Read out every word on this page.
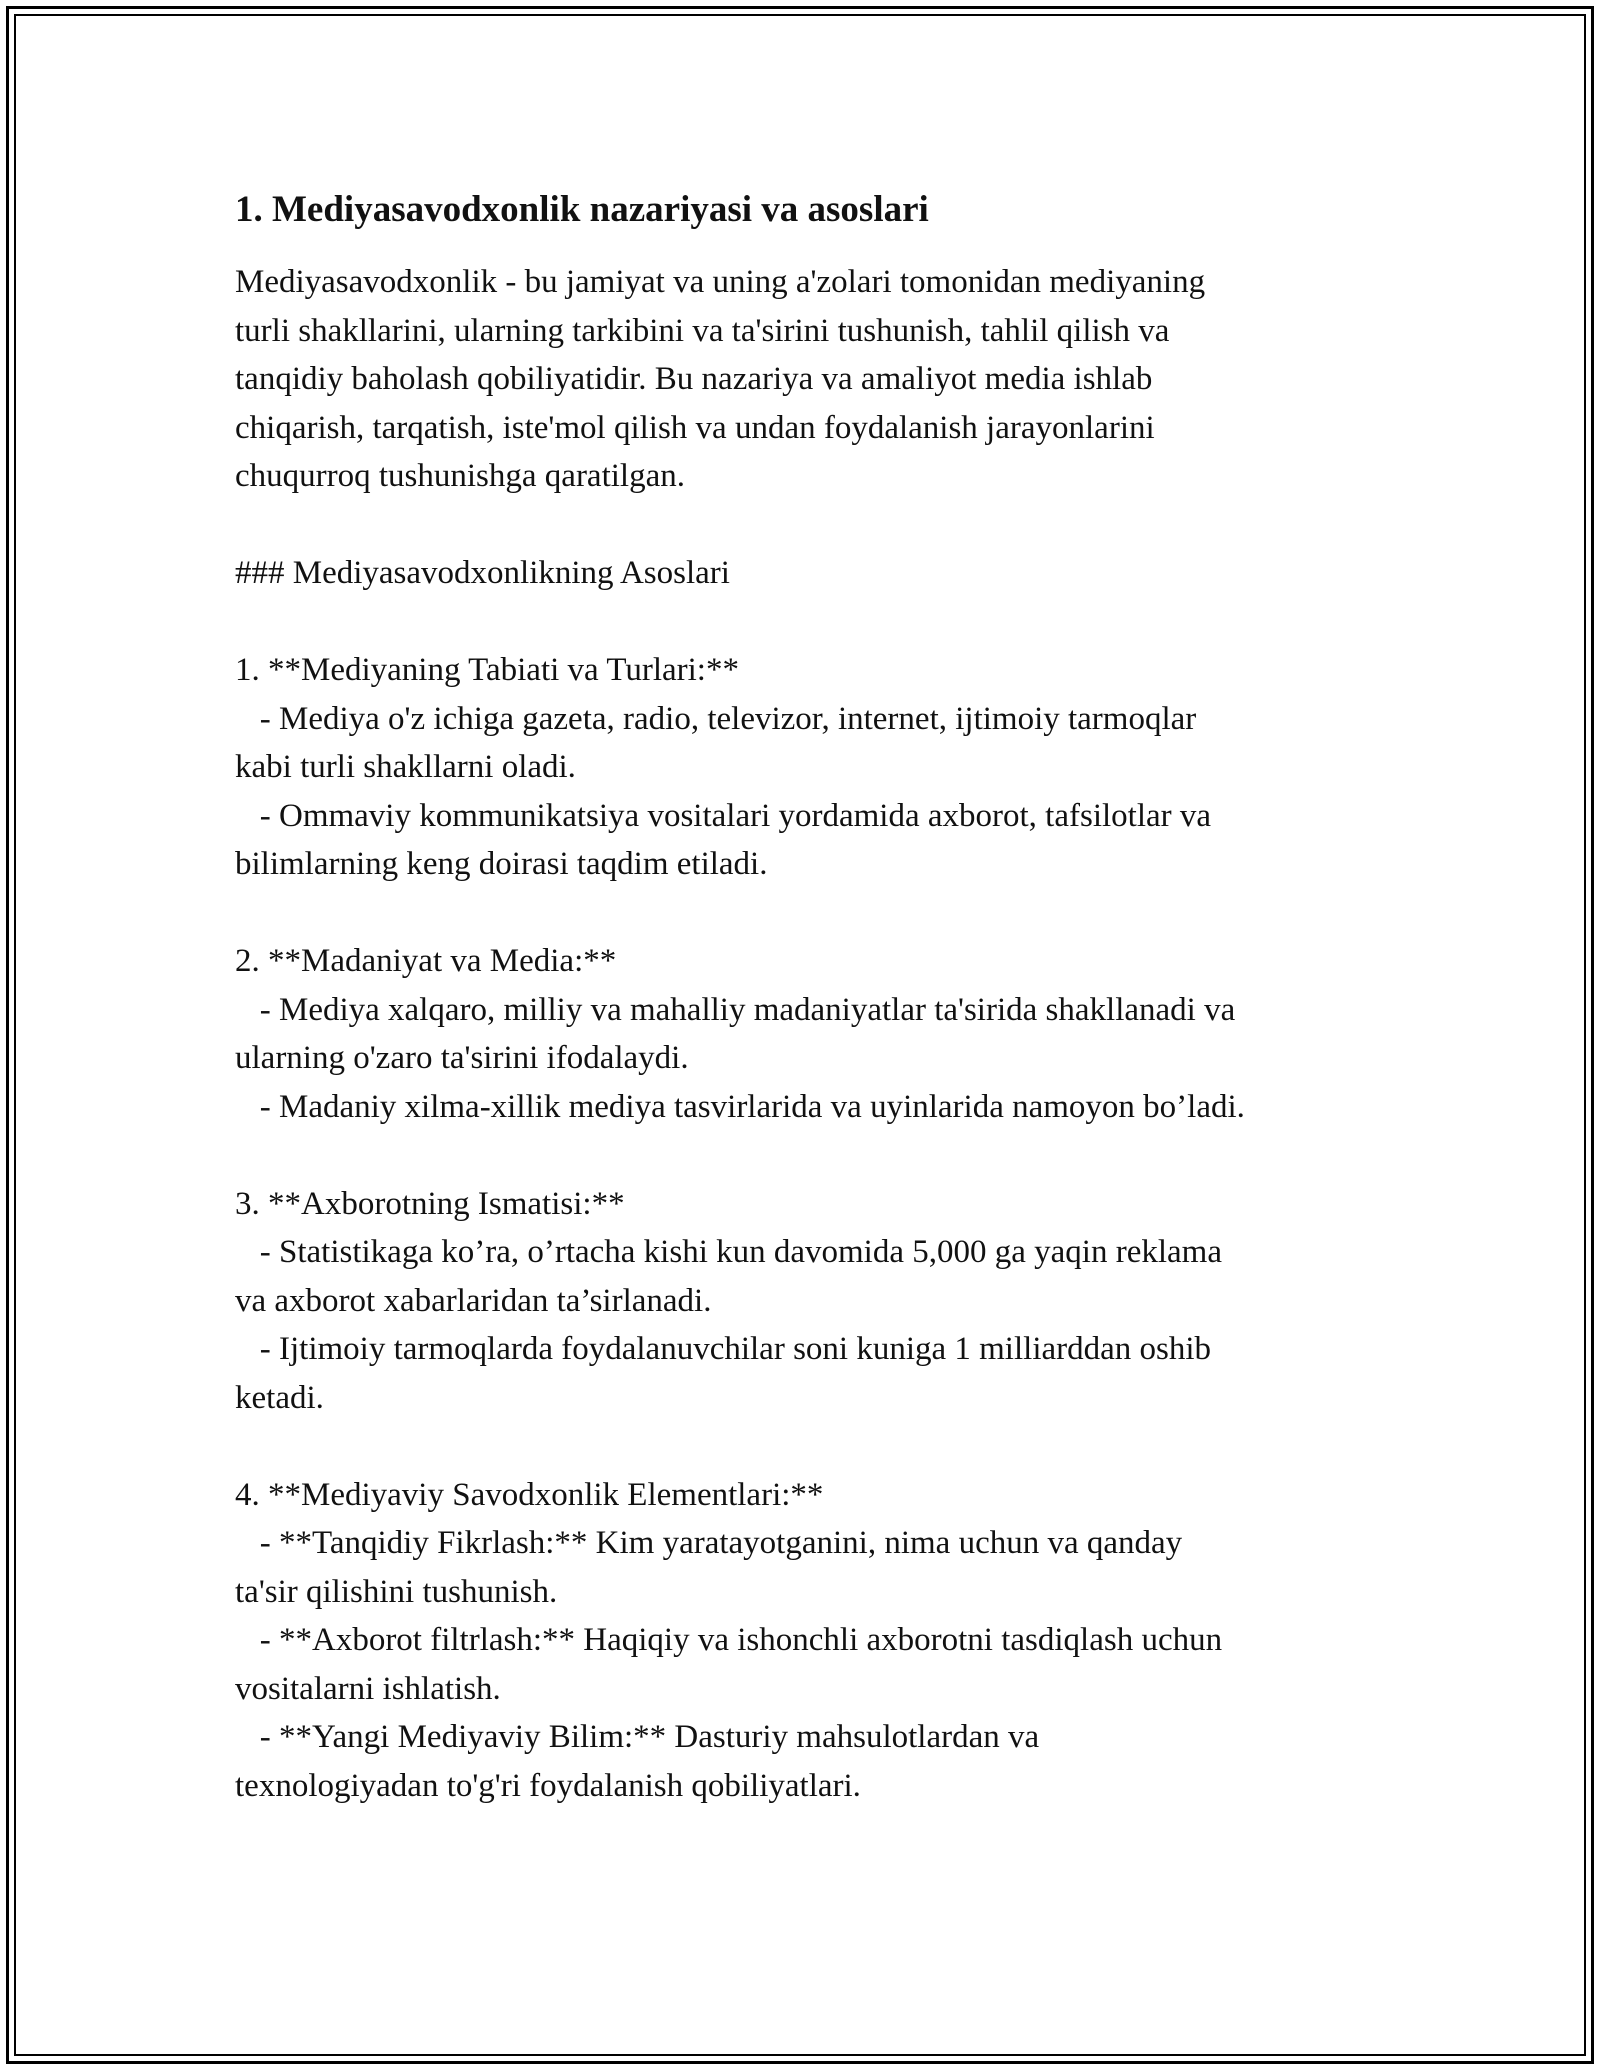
1. Mediyasavodxonlik nazariyasi va asoslari

Mediyasavodxonlik - bu jamiyat va uning a'zolari tomonidan mediyaning
turli shakllarini, ularning tarkibini va ta'sirini tushunish, tahlil qilish va
tanqidiy baholash qobiliyatidir. Bu nazariya va amaliyot media ishlab
chiqarish, tarqatish, iste'mol qilish va undan foydalanish jarayonlarini
chuqurroq tushunishga qaratilgan.

### Mediyasavodxonlikning Asoslari

1. **Mediyaning Tabiati va Turlari:**

- Mediya o'z ichiga gazeta, radio, televizor, internet, ijtimoiy tarmoqlar
kabi turli shakllarni oladi.
- Ommaviy kommunikatsiya vositalari yordamida axborot, tafsilotlar va
bilimlarning keng doirasi taqdim etiladi.

2. **Madaniyat va Media:**

- Mediya xalqaro, milliy va mahalliy madaniyatlar ta'sirida shakllanadi va
ularning o'zaro ta'sirini ifodalaydi.
- Madaniy xilma-xillik mediya tasvirlarida va uyinlarida namoyon bo’ladi.

3. **Axborotning Ismatisi:**

- Statistikaga ko’ra, o’rtacha kishi kun davomida 5,000 ga yaqin reklama
va axborot xabarlaridan ta’sirlanadi.
- Ijtimoiy tarmoqlarda foydalanuvchilar soni kuniga 1 milliarddan oshib
ketadi.

4. **Mediyaviy Savodxonlik Elementlari:**

- **Tanqidiy Fikrlash:** Kim yaratayotganini, nima uchun va qanday
ta'sir qilishini tushunish.
- **Axborot filtrlash:** Haqiqiy va ishonchli axborotni tasdiqlash uchun
vositalarni ishlatish.
- **Yangi Mediyaviy Bilim:** Dasturiy mahsulotlardan va
texnologiyadan to'g'ri foydalanish qobiliyatlari.
